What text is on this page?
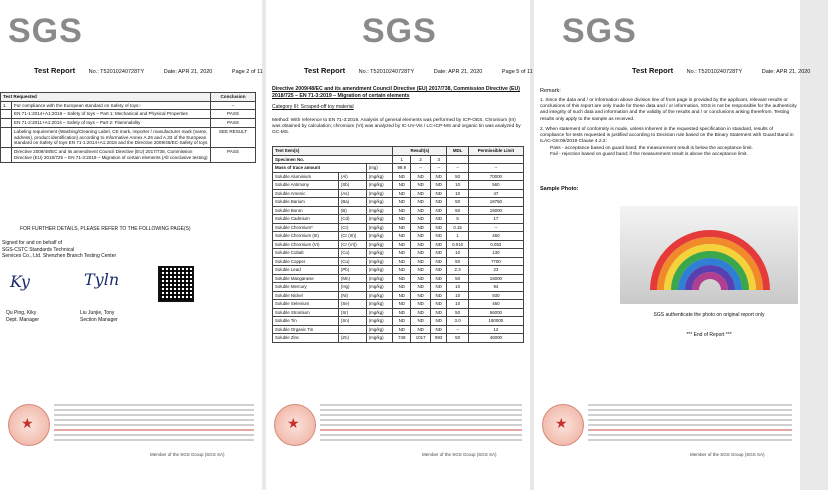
SGS
Test Report No.: T52010240728TY	Date: APR 21, 2020	Page 2 of 11
Test Requested		Conclusion
1.	For compliance with the European standard on Safety of toys:-	--
	EN 71-1:2014+A1:2018 – Safety of toys – Part 1: Mechanical and Physical Properties	PASS
	EN 71-2:2011+A1:2014 – Safety of toys – Part 2: Flammability	PASS
	Labeling requirement (Washing/Cleaning Label, CE mark, importer / manufacturer mark (name, address), product identification) according to Informative Annex A.26 and A.33 of the European standard on Safety of toys EN 71-1:2014+A1:2018 and the Directive 2009/48/EC-Safety of toys	SEE RESULT
	Directive 2009/48/EC and its amendment Council Directive (EU) 2017/738, Commission Directive (EU) 2018/725 – EN 71-3:2019 – Migration of certain elements (All conclusive testing)	PASS
FOR FURTHER DETAILS, PLEASE REFER TO THE FOLLOWING PAGE(S)
Signed for and on behalf of
SGS-CSTC Standards Technical
Services Co., Ltd. Shenzhen Branch Testing Center
Ky	Tyln
Qu Ping, Kiky
Dept. Manager
Liu Junjie, Tony
Section Manager
★
Member of the SGS Group (SGS SA)
SGS
Test Report No.: T52010240728TY	Date: APR 21, 2020	Page 5 of 11
Directive 2009/48/EC and its amendment Council Directive (EU) 2017/738, Commission Directive (EU) 2018/725 – EN 71-3:2019 – Migration of certain elements
Category III: Scraped-off toy material
Method: With reference to EN 71-3:2019. Analysis of general elements was performed by ICP-OES. Chromium (III) was obtained by calculation; chromium (VI) was analyzed by IC-UV-Vis / LC-ICP-MS and organic tin was analyzed by GC-MS.
Test Item(s)			Result(s)			MDL	Permissible Limit
Specimen No.			1	2	3		
Mass of trace amount		(mg)	99.9	--	--	--	--
Soluble Aluminium	(Al)	(mg/kg)	ND	ND	ND	50	70000
Soluble Antimony	(Sb)	(mg/kg)	ND	ND	ND	10	560
Soluble Arsenic	(As)	(mg/kg)	ND	ND	ND	10	47
Soluble Barium	(Ba)	(mg/kg)	ND	ND	ND	50	18750
Soluble Boron	(B)	(mg/kg)	ND	ND	ND	50	15000
Soluble Cadmium	(Cd)	(mg/kg)	ND	ND	ND	5	17
Soluble Chromium*	(Cr)	(mg/kg)	ND	ND	ND	0.15	--
Soluble Chromium (III)	(Cr (III))	(mg/kg)	ND	ND	ND	1	460
Soluble Chromium (VI)	(Cr (VI))	(mg/kg)	ND	ND	ND	0.010	0.053
Soluble Cobalt	(Co)	(mg/kg)	ND	ND	ND	10	130
Soluble Copper	(Cu)	(mg/kg)	ND	ND	ND	50	7700
Soluble Lead	(Pb)	(mg/kg)	ND	ND	ND	2.3	23
Soluble Manganese	(Mn)	(mg/kg)	ND	ND	ND	50	15000
Soluble Mercury	(Hg)	(mg/kg)	ND	ND	ND	10	94
Soluble Nickel	(Ni)	(mg/kg)	ND	ND	ND	10	930
Soluble Selenium	(Se)	(mg/kg)	ND	ND	ND	10	460
Soluble Strontium	(Sr)	(mg/kg)	ND	ND	ND	50	56000
Soluble Tin	(Sn)	(mg/kg)	ND	ND	ND	3.0	180000
Soluble Organic Tin		(mg/kg)	ND	ND	ND	--	12
Soluble Zinc	(Zn)	(mg/kg)	748	1017	983	50	46000
★
Member of the SGS Group (SGS SA)
SGS
Test Report No.: T52010240728TY	Date: APR 21, 2020
Remark:
1. Since the data and / or information above division line of front page is provided by the applicant, relevant results or conclusions of this report are only made for these data and / or information, SGS is not be responsible for the authenticity and integrity of such data and information and the validity of the results and / or conclusions arising therefrom. Testing results only apply to the sample as received.
2. When statement of conformity is made, unless inherent in the requested specification in standard, results of compliance for tests requested is justified according to Decision rule based on the Binary Statement with Guard Band in ILAC-G8:09/2019 Clause 4.2.2:
Pass - acceptance based on guard band; the measurement result is below the acceptance limit.
Fail - rejection based on guard band; if the measurement result is above the acceptance limit.
Sample Photo:
SGS authenticate the photo on original report only
*** End of Report ***
★
Member of the SGS Group (SGS SA)
